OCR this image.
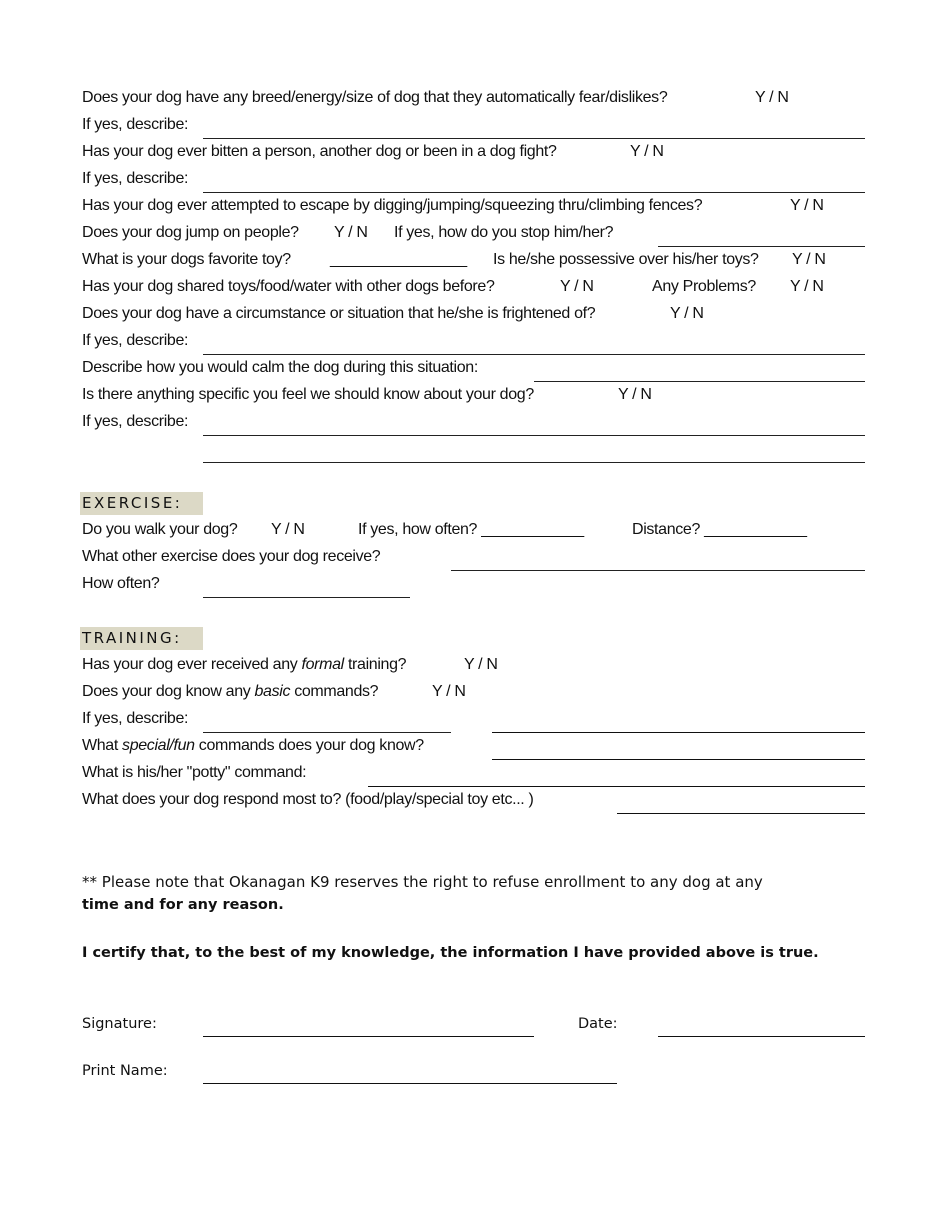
Does your dog have any breed/energy/size of dog that they automatically fear/dislikes?	Y / N
If yes, describe:
Has your dog ever bitten a person, another dog or been in a dog fight?	Y / N
If yes, describe:
Has your dog ever attempted to escape by digging/jumping/squeezing thru/climbing fences?	Y / N
Does your dog jump on people? Y / N If yes, how do you stop him/her?
What is your dogs favorite toy? ________________ Is he/she possessive over his/her toys? Y / N
Has your dog shared toys/food/water with other dogs before?	Y / N	Any Problems? Y / N
Does your dog have a circumstance or situation that he/she is frightened of?	Y / N
If yes, describe:
Describe how you would calm the dog during this situation:
Is there anything specific you feel we should know about your dog?	Y / N
If yes, describe:
EXERCISE:
Do you walk your dog? Y / N	If yes, how often? ____________	Distance? ____________
What other exercise does your dog receive?
How often?
TRAINING:
Has your dog ever received any formal training?	Y / N
Does your dog know any basic commands?	Y / N
If yes, describe:
What special/fun commands does your dog know?
What is his/her "potty" command:
What does your dog respond most to? (food/play/special toy etc... )
** Please note that Okanagan K9 reserves the right to refuse enrollment to any dog at any
time and for any reason.
I certify that, to the best of my knowledge, the information I have provided above is true.
Signature:	Date:
Print Name:
